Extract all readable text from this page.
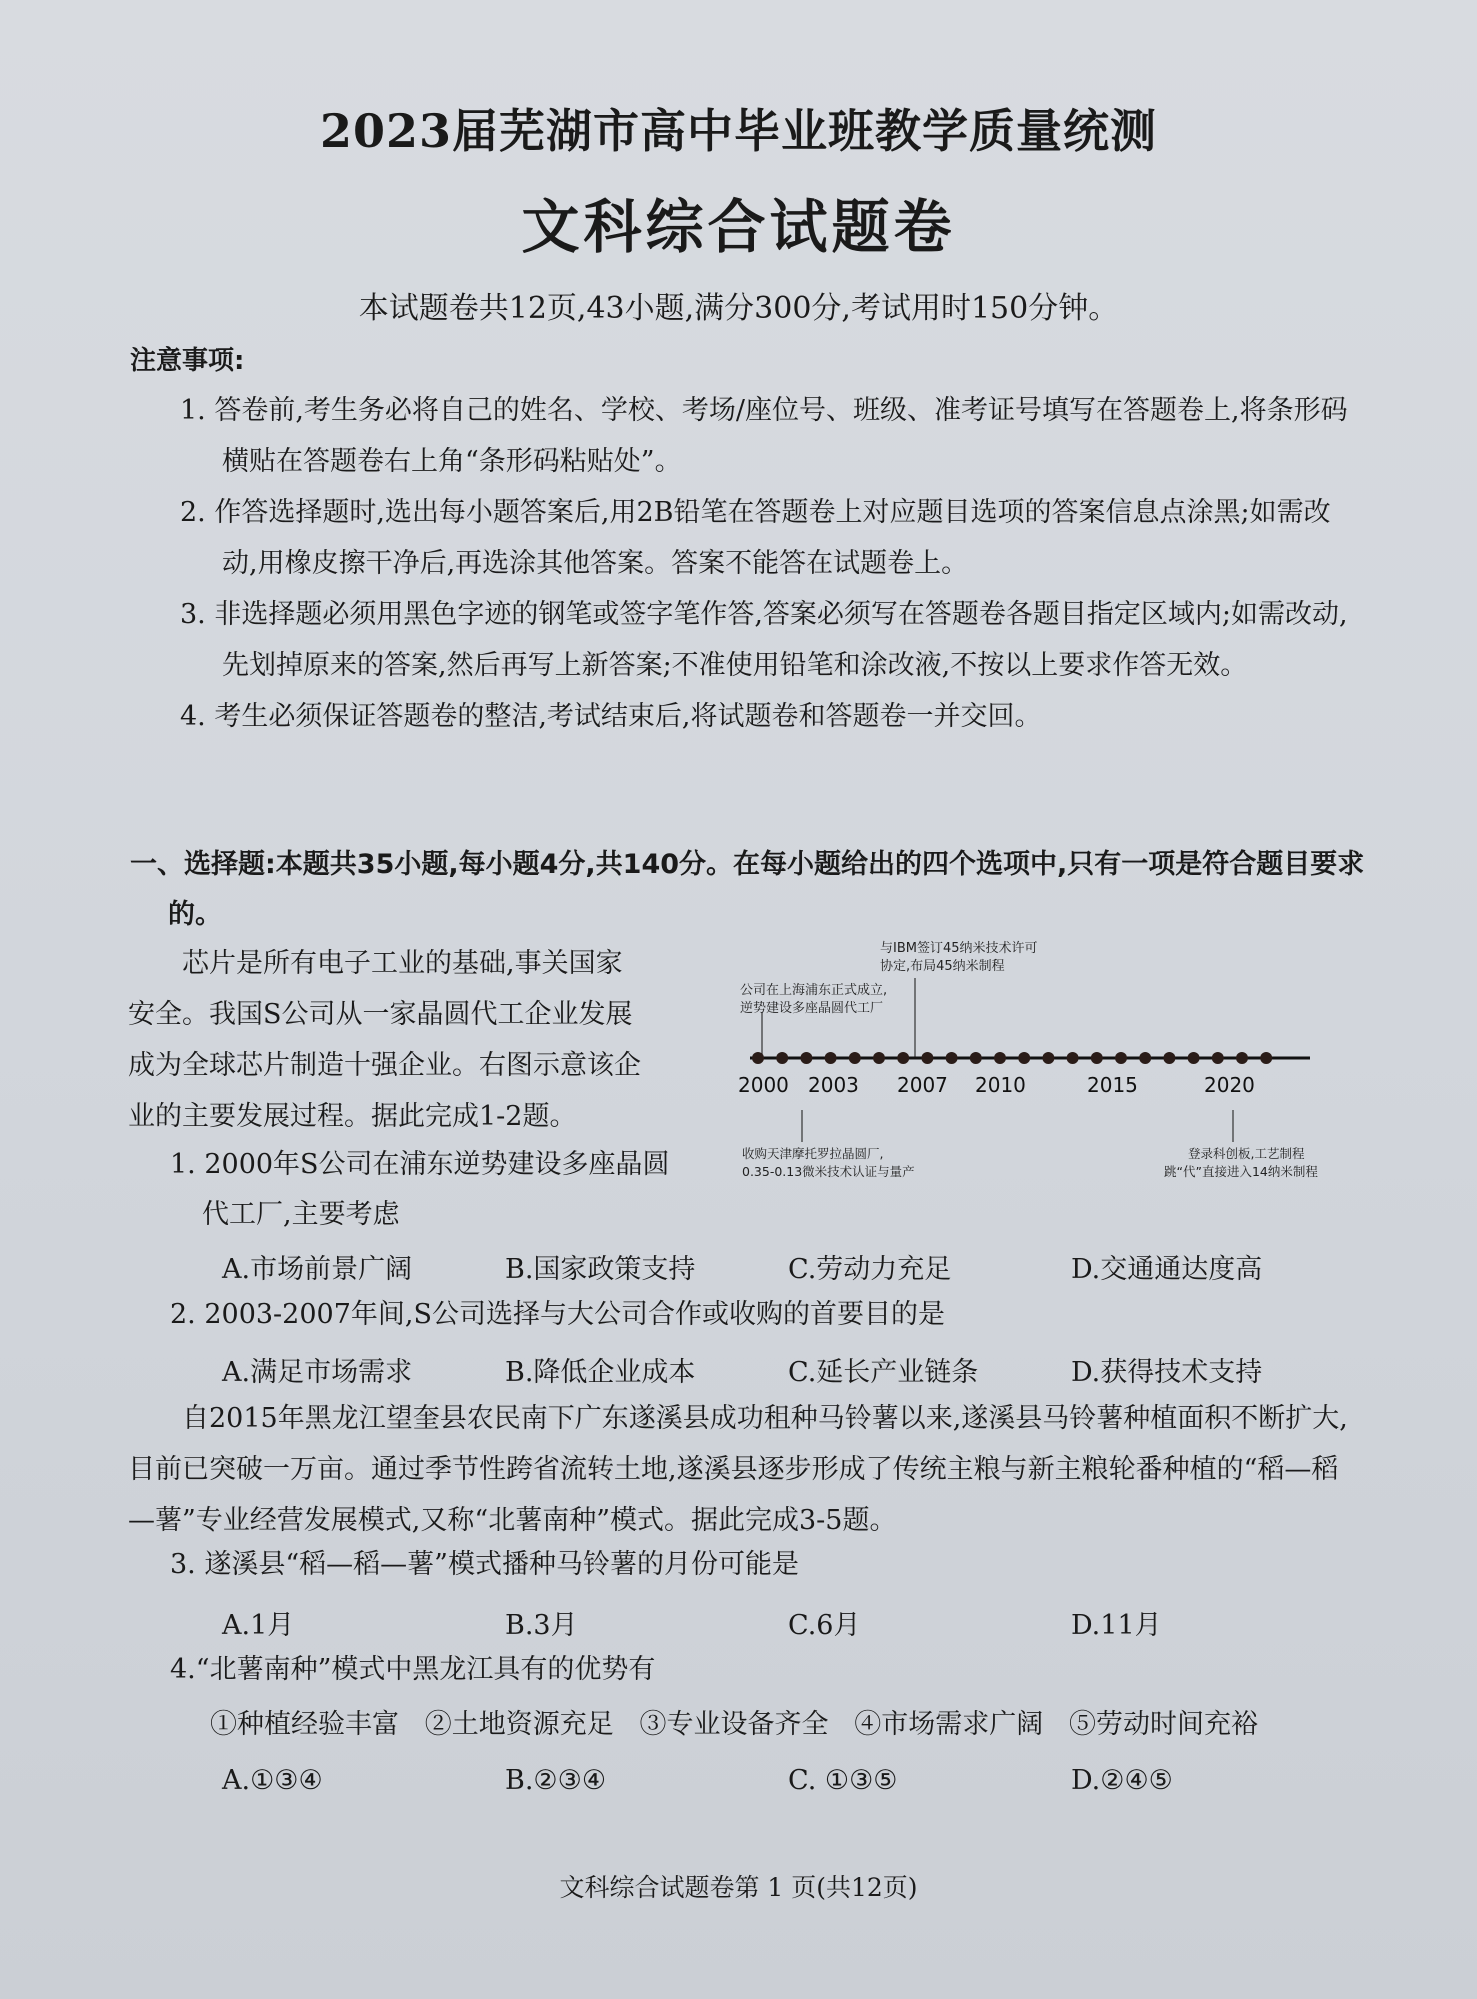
2023届芜湖市高中毕业班教学质量统测
文科综合试题卷
本试题卷共12页,43小题,满分300分,考试用时150分钟。
注意事项:

1. 答卷前,考生务必将自己的姓名、学校、考场/座位号、班级、准考证号填写在答题卷上,将条形码横贴在答题卷右上角“条形码粘贴处”。

2. 作答选择题时,选出每小题答案后,用2B铅笔在答题卷上对应题目选项的答案信息点涂黑;如需改动,用橡皮擦干净后,再选涂其他答案。答案不能答在试题卷上。

3. 非选择题必须用黑色字迹的钢笔或签字笔作答,答案必须写在答题卷各题目指定区域内;如需改动,先划掉原来的答案,然后再写上新答案;不准使用铅笔和涂改液,不按以上要求作答无效。

4. 考生必须保证答题卷的整洁,考试结束后,将试题卷和答题卷一并交回。

一、选择题:本题共35小题,每小题4分,共140分。在每小题给出的四个选项中,只有一项是符合题目要求的。
芯片是所有电子工业的基础,事关国家
安全。我国S公司从一家晶圆代工企业发展
成为全球芯片制造十强企业。右图示意该企
业的主要发展过程。据此完成1-2题。
与IBM签订45纳米技术许可
协定,布局45纳米制程
公司在上海浦东正式成立,
逆势建设多座晶圆代工厂
2000 2003 2007 2010	2015	2020
收购天津摩托罗拉晶圆厂,
0.35-0.13微米技术认证与量产
登录科创板,工艺制程
跳“代”直接进入14纳米制程
1. 2000年S公司在浦东逆势建设多座晶圆代工厂,主要考虑
A.市场前景广阔	B.国家政策支持	C.劳动力充足	D.交通通达度高
2. 2003-2007年间,S公司选择与大公司合作或收购的首要目的是
A.满足市场需求	B.降低企业成本	C.延长产业链条	D.获得技术支持
自2015年黑龙江望奎县农民南下广东遂溪县成功租种马铃薯以来,遂溪县马铃薯种植面积不断扩大,目前已突破一万亩。通过季节性跨省流转土地,遂溪县逐步形成了传统主粮与新主粮轮番种植的“稻—稻—薯”专业经营发展模式,又称“北薯南种”模式。据此完成3-5题。
3. 遂溪县“稻—稻—薯”模式播种马铃薯的月份可能是
A.1月	B.3月	C.6月	D.11月
4.“北薯南种”模式中黑龙江具有的优势有
①种植经验丰富   ②土地资源充足   ③专业设备齐全   ④市场需求广阔   ⑤劳动时间充裕
A.①③④	B.②③④	C. ①③⑤	D.②④⑤
文科综合试题卷第 1 页(共12页)
